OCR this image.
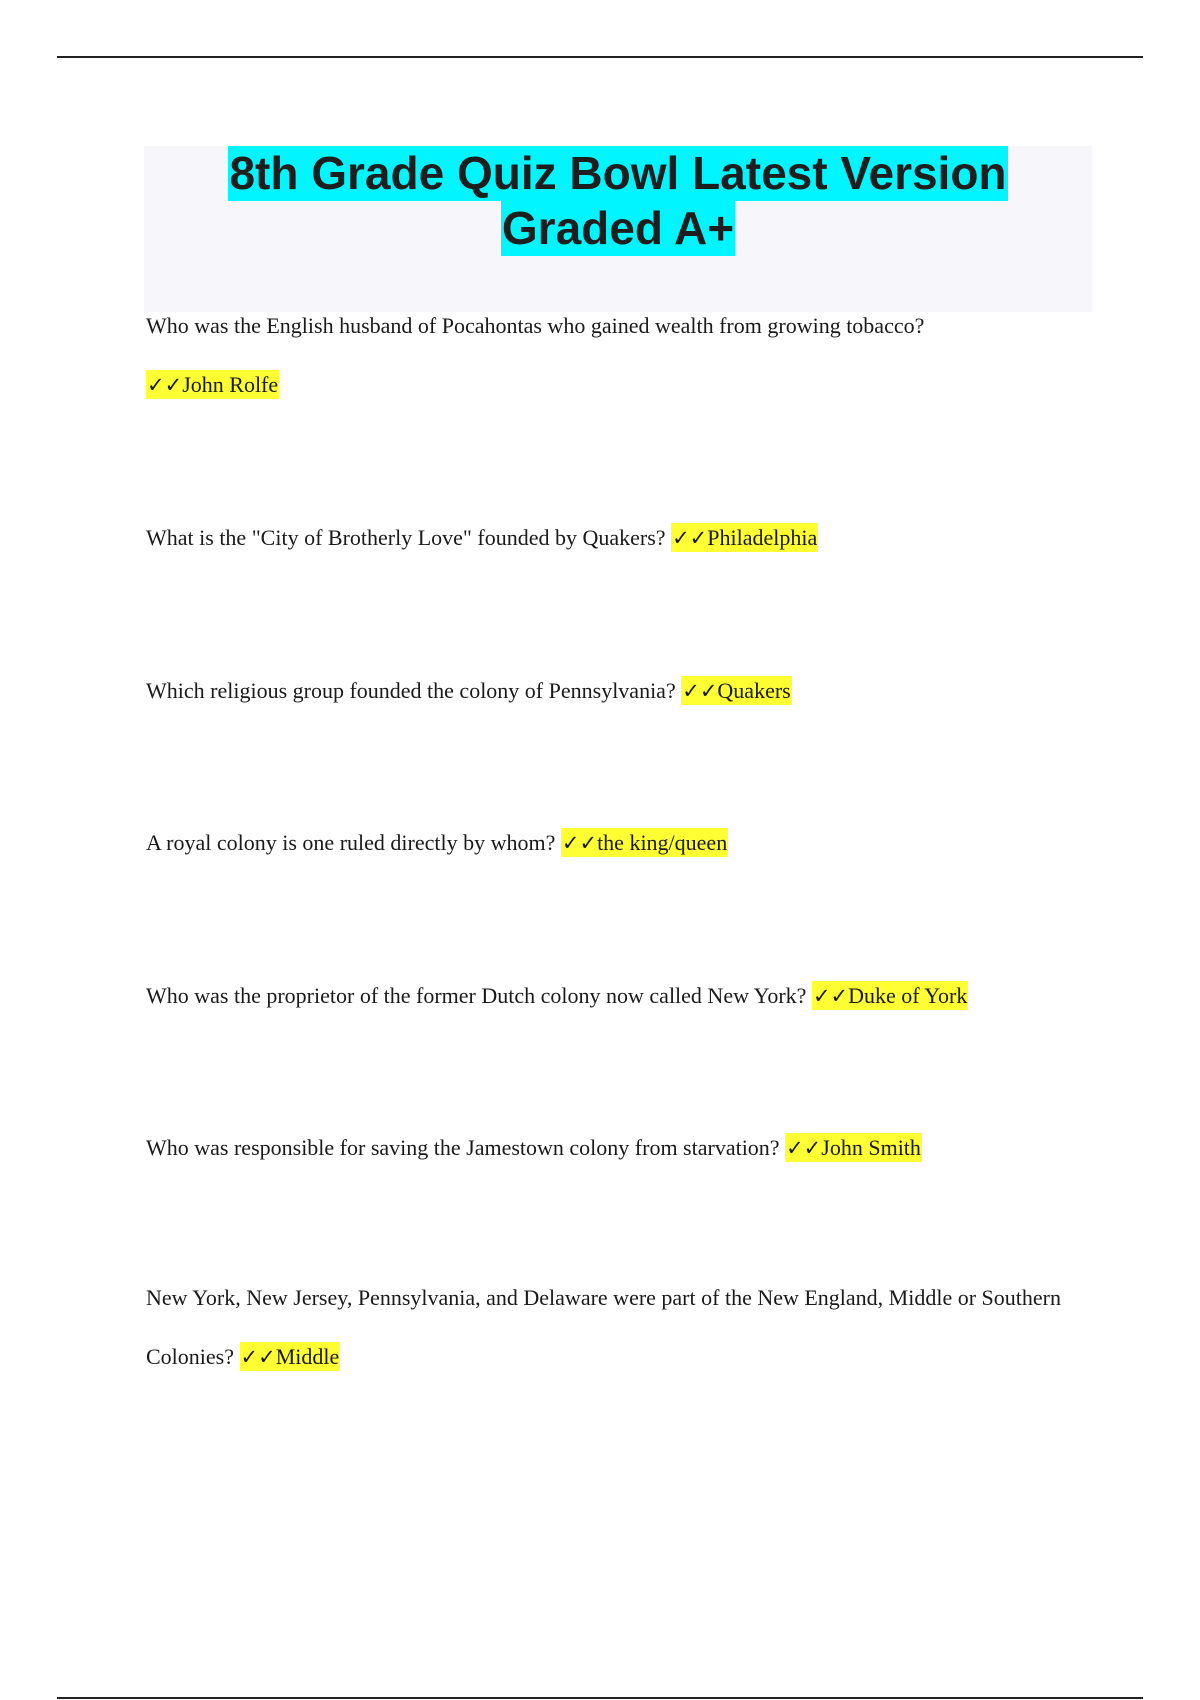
8th Grade Quiz Bowl Latest Version
Graded A+

Who was the English husband of Pocahontas who gained wealth from growing tobacco?
✓✓John Rolfe

What is the "City of Brotherly Love" founded by Quakers? ✓✓Philadelphia

Which religious group founded the colony of Pennsylvania? ✓✓Quakers

A royal colony is one ruled directly by whom? ✓✓the king/queen

Who was the proprietor of the former Dutch colony now called New York? ✓✓Duke of York

Who was responsible for saving the Jamestown colony from starvation? ✓✓John Smith

New York, New Jersey, Pennsylvania, and Delaware were part of the New England, Middle or Southern Colonies? ✓✓Middle
